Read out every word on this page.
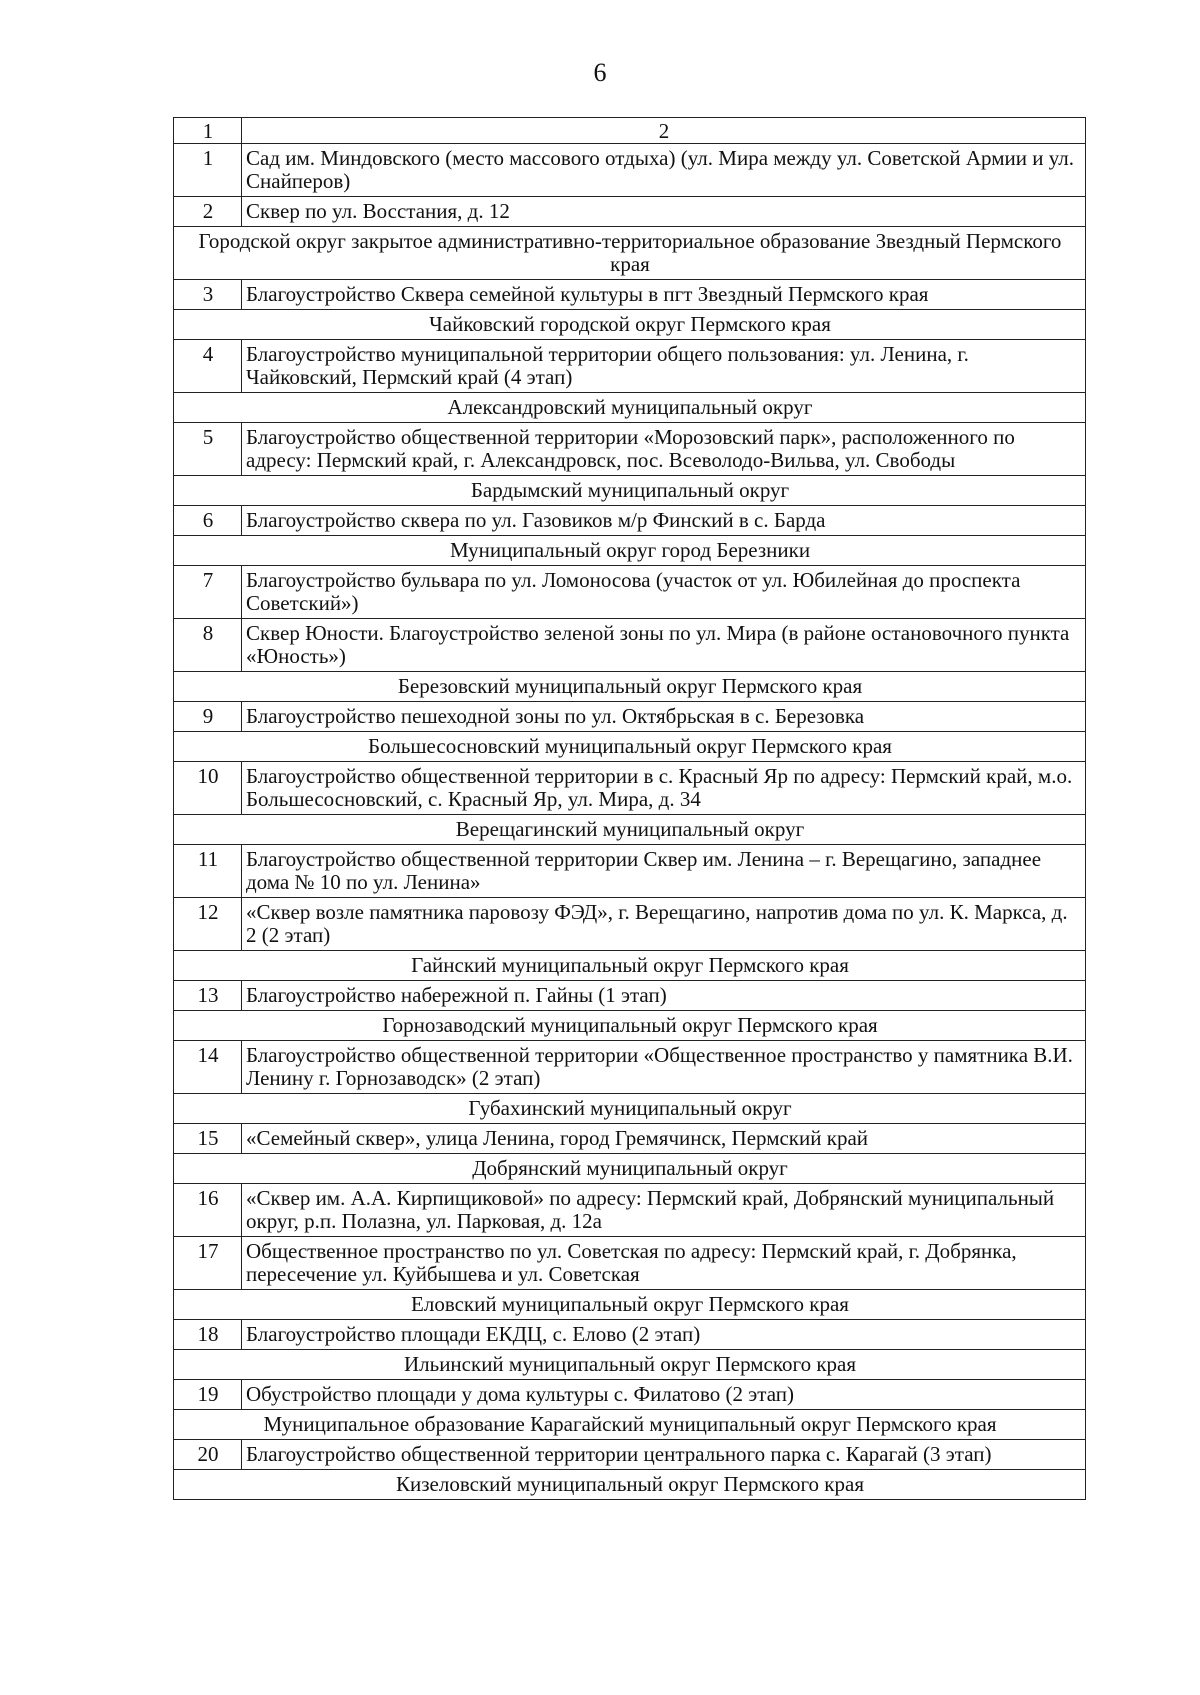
6
1	2
1	Сад им. Миндовского (место массового отдыха) (ул. Мира между ул. Советской Армии и ул. Снайперов)
2	Сквер по ул. Восстания, д. 12
Городской округ закрытое административно-территориальное образование Звездный Пермского края	
3	Благоустройство Сквера семейной культуры в пгт Звездный Пермского края
Чайковский городской округ Пермского края	
4	Благоустройство муниципальной территории общего пользования: ул. Ленина, г. Чайковский, Пермский край (4 этап)
Александровский муниципальный округ	
5	Благоустройство общественной территории «Морозовский парк», расположенного по адресу: Пермский край, г. Александровск, пос. Всеволодо-Вильва, ул. Свободы
Бардымский муниципальный округ	
6	Благоустройство сквера по ул. Газовиков м/р Финский в с. Барда
Муниципальный округ город Березники	
7	Благоустройство бульвара по ул. Ломоносова (участок от ул. Юбилейная до проспекта Советский»)
8	Сквер Юности. Благоустройство зеленой зоны по ул. Мира (в районе остановочного пункта «Юность»)
Березовский муниципальный округ Пермского края	
9	Благоустройство пешеходной зоны по ул. Октябрьская в с. Березовка
Большесосновский муниципальный округ Пермского края	
10	Благоустройство общественной территории в с. Красный Яр по адресу: Пермский край, м.о. Большесосновский, с. Красный Яр, ул. Мира, д. 34
Верещагинский муниципальный округ	
11	Благоустройство общественной территории Сквер им. Ленина – г. Верещагино, западнее дома № 10 по ул. Ленина»
12	«Сквер возле памятника паровозу ФЭД», г. Верещагино, напротив дома по ул. К. Маркса, д. 2 (2 этап)
Гайнский муниципальный округ Пермского края	
13	Благоустройство набережной п. Гайны (1 этап)
Горнозаводский муниципальный округ Пермского края	
14	Благоустройство общественной территории «Общественное пространство у памятника В.И. Ленину г. Горнозаводск» (2 этап)
Губахинский муниципальный округ	
15	«Семейный сквер», улица Ленина, город Гремячинск, Пермский край
Добрянский муниципальный округ	
16	«Сквер им. А.А. Кирпищиковой» по адресу: Пермский край, Добрянский муниципальный округ, р.п. Полазна, ул. Парковая, д. 12а
17	Общественное пространство по ул. Советская по адресу: Пермский край, г. Добрянка, пересечение ул. Куйбышева и ул. Советская
Еловский муниципальный округ Пермского края	
18	Благоустройство площади ЕКДЦ, с. Елово (2 этап)
Ильинский муниципальный округ Пермского края	
19	Обустройство площади у дома культуры с. Филатово (2 этап)
Муниципальное образование Карагайский муниципальный округ Пермского края	
20	Благоустройство общественной территории центрального парка с. Карагай (3 этап)
Кизеловский муниципальный округ Пермского края	
